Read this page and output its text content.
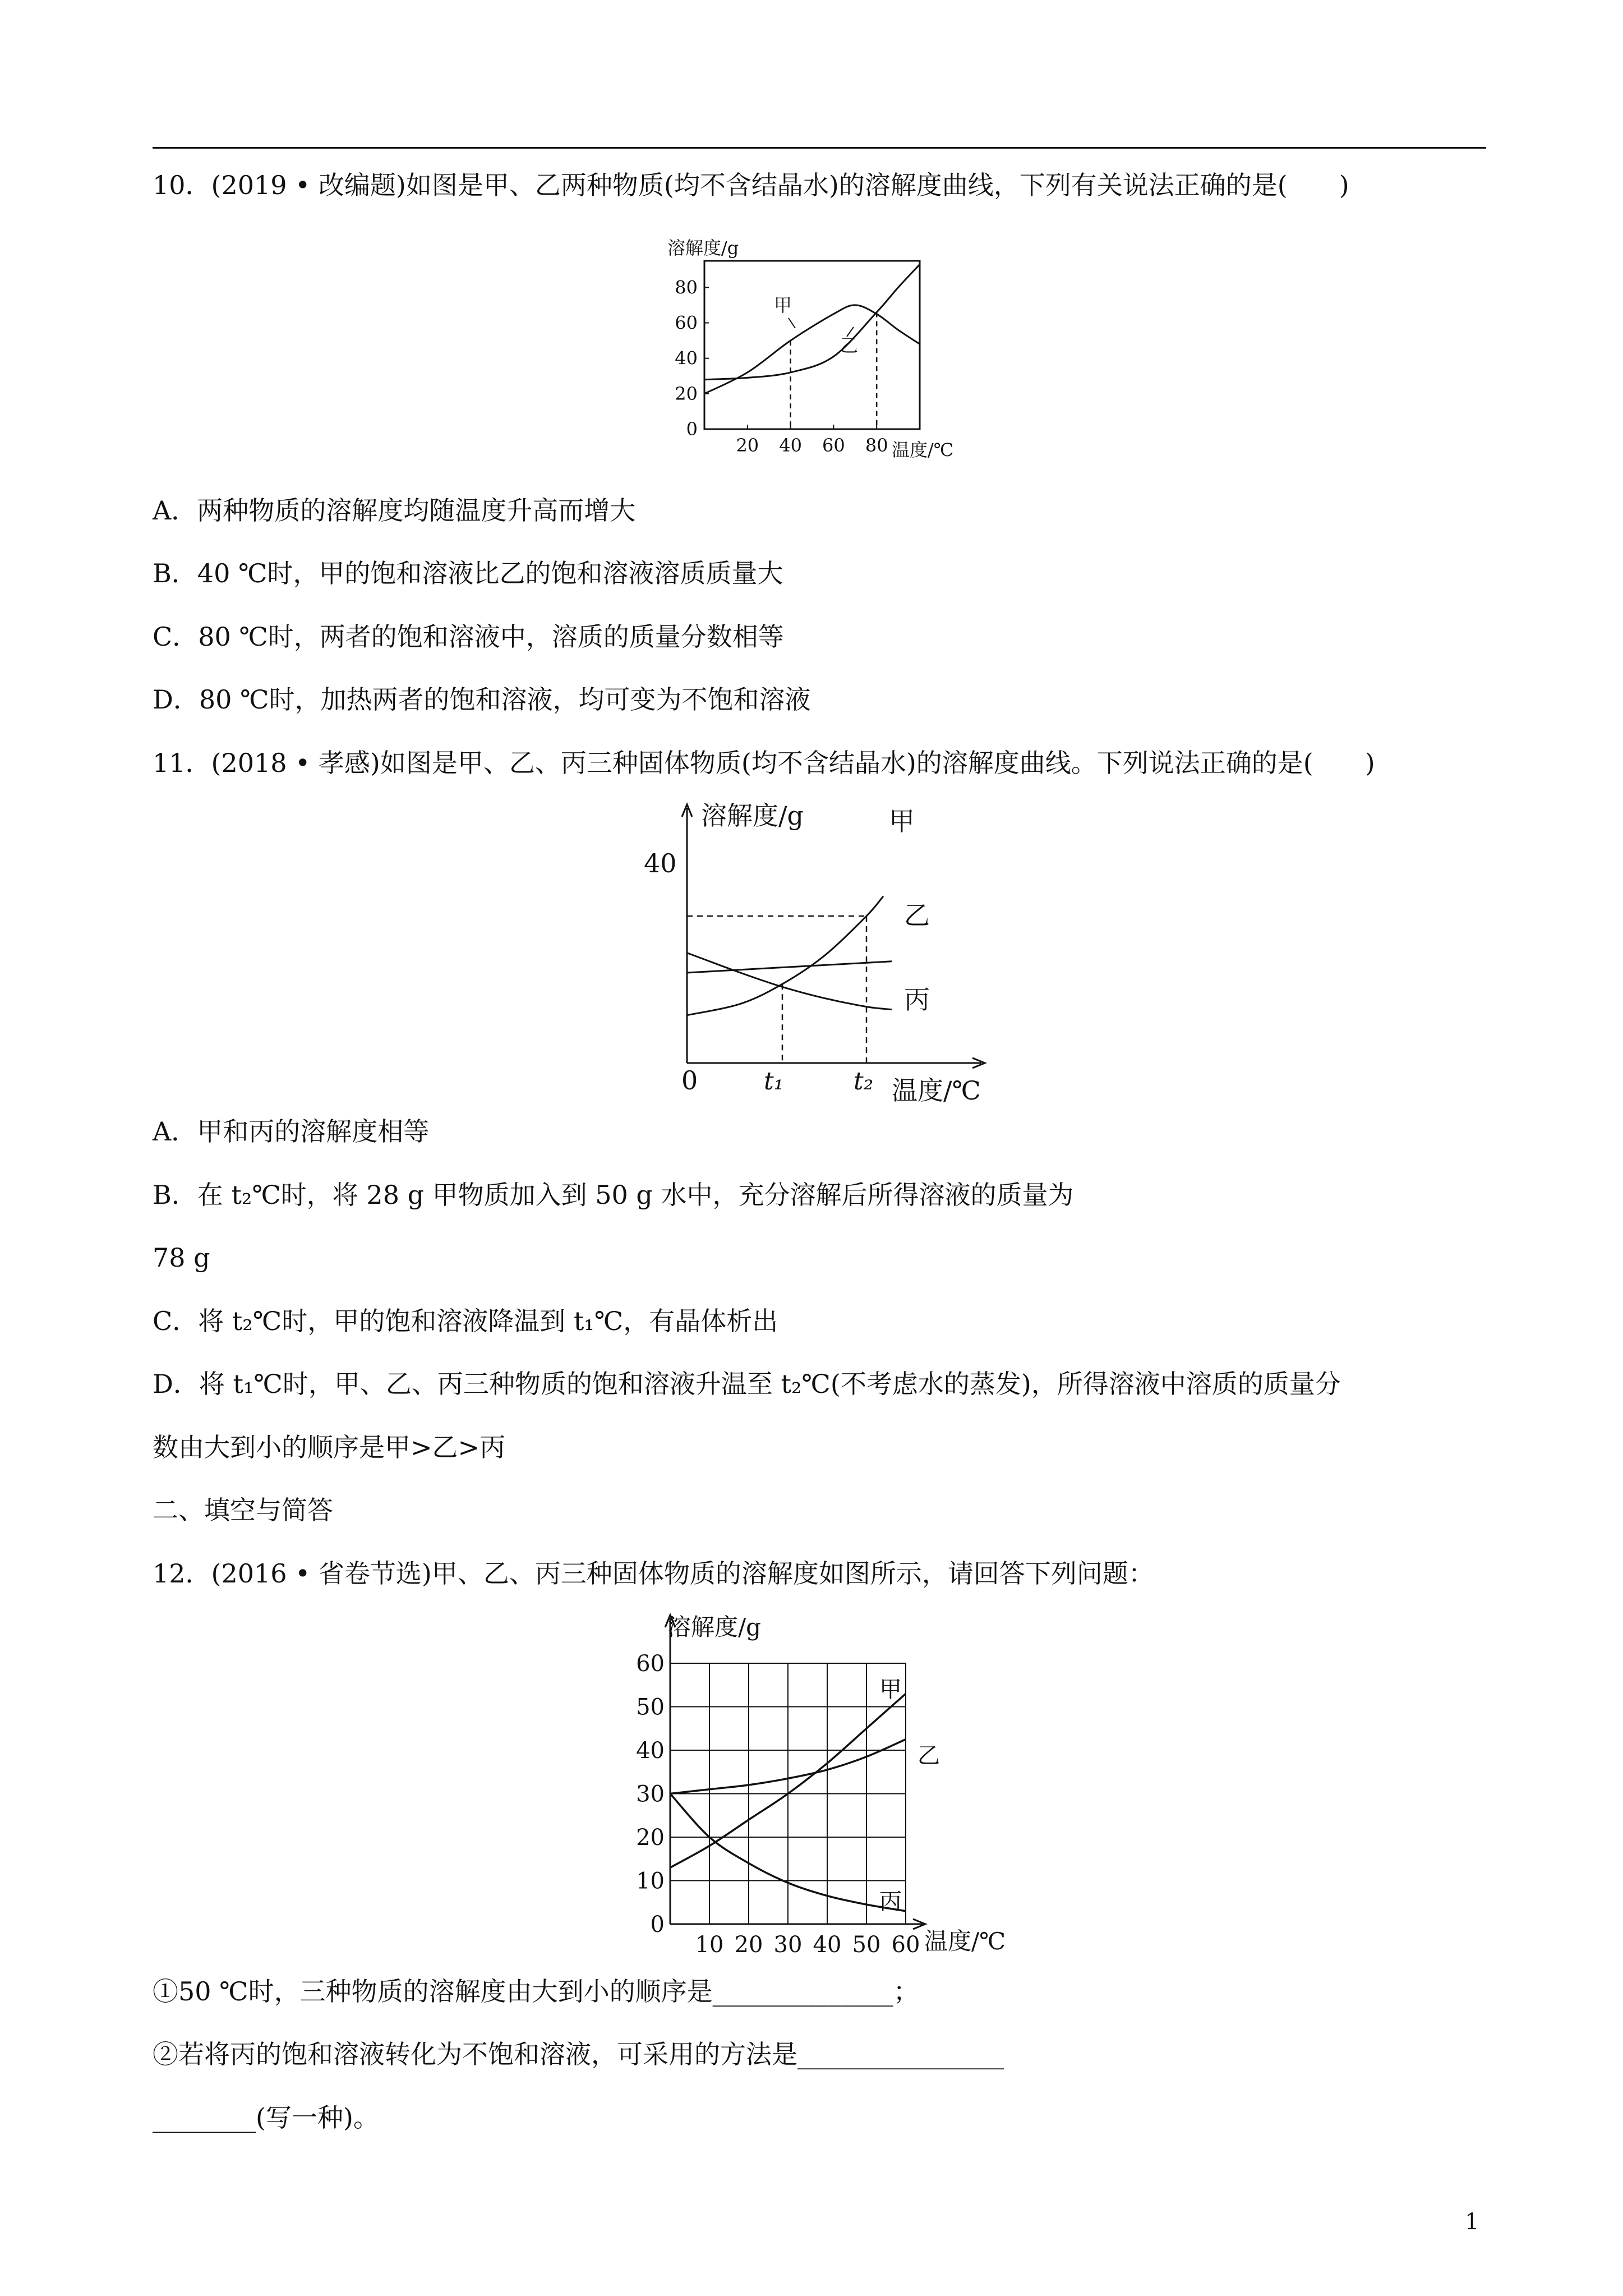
10．(2019 • 改编题)如图是甲、乙两种物质(均不含结晶水)的溶解度曲线，下列有关说法正确的是(　　)
溶解度/g
温度/℃
甲
乙
0
20
40
60
80
20 40 60 80
A．两种物质的溶解度均随温度升高而增大
B．40 ℃时，甲的饱和溶液比乙的饱和溶液溶质质量大
C．80 ℃时，两者的饱和溶液中，溶质的质量分数相等
D．80 ℃时，加热两者的饱和溶液，均可变为不饱和溶液
11．(2018 • 孝感)如图是甲、乙、丙三种固体物质(均不含结晶水)的溶解度曲线。下列说法正确的是(　　)
溶解度/g
温度/℃
40
0	t₁	t₂
甲
乙
丙
A．甲和丙的溶解度相等
B．在 t₂℃时，将 28 g 甲物质加入到 50 g 水中，充分溶解后所得溶液的质量为
78 g
C．将 t₂℃时，甲的饱和溶液降温到 t₁℃，有晶体析出
D．将 t₁℃时，甲、乙、丙三种物质的饱和溶液升温至 t₂℃(不考虑水的蒸发)，所得溶液中溶质的质量分
数由大到小的顺序是甲>乙>丙
二、填空与简答
12．(2016 • 省卷节选)甲、乙、丙三种固体物质的溶解度如图所示，请回答下列问题：
溶解度/g
温度/℃
甲
乙
丙
0
10
20
30
40
50
60
10 20 30 40 50 60
①50 ℃时，三种物质的溶解度由大到小的顺序是______________；
②若将丙的饱和溶液转化为不饱和溶液，可采用的方法是________________
________(写一种)。
1
